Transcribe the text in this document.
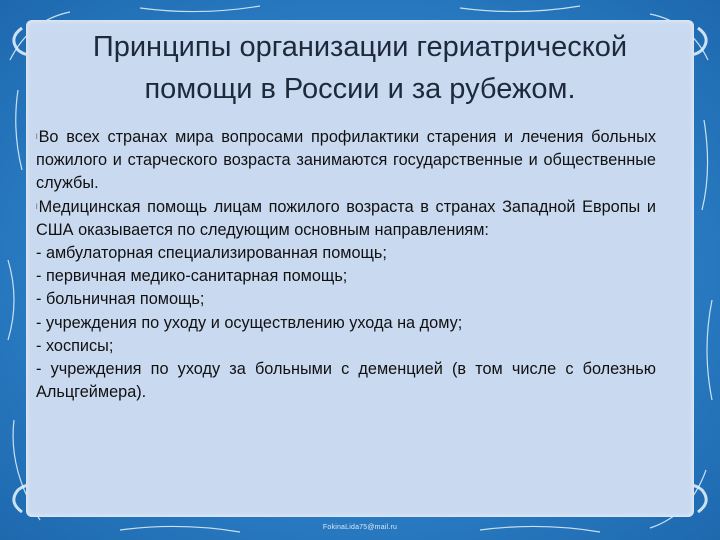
Принципы организации гериатрической помощи в России и за рубежом.

$^l$Во всех странах мира вопросами профилактики старения и лечения больных пожилого и старческого возраста занимаются государственные и общественные службы.

$^l$Медицинская помощь лицам пожилого возраста в странах Западной Европы и США оказывается по следующим основным направлениям:

- амбулаторная специализированная помощь;

- первичная медико-санитарная помощь;

- больничная помощь;

- учреждения по уходу и осуществлению ухода на дому;

- хосписы;

- учреждения по уходу за больными с деменцией (в том числе с болезнью Альцгеймера).

FokinaLida75@mail.ru
